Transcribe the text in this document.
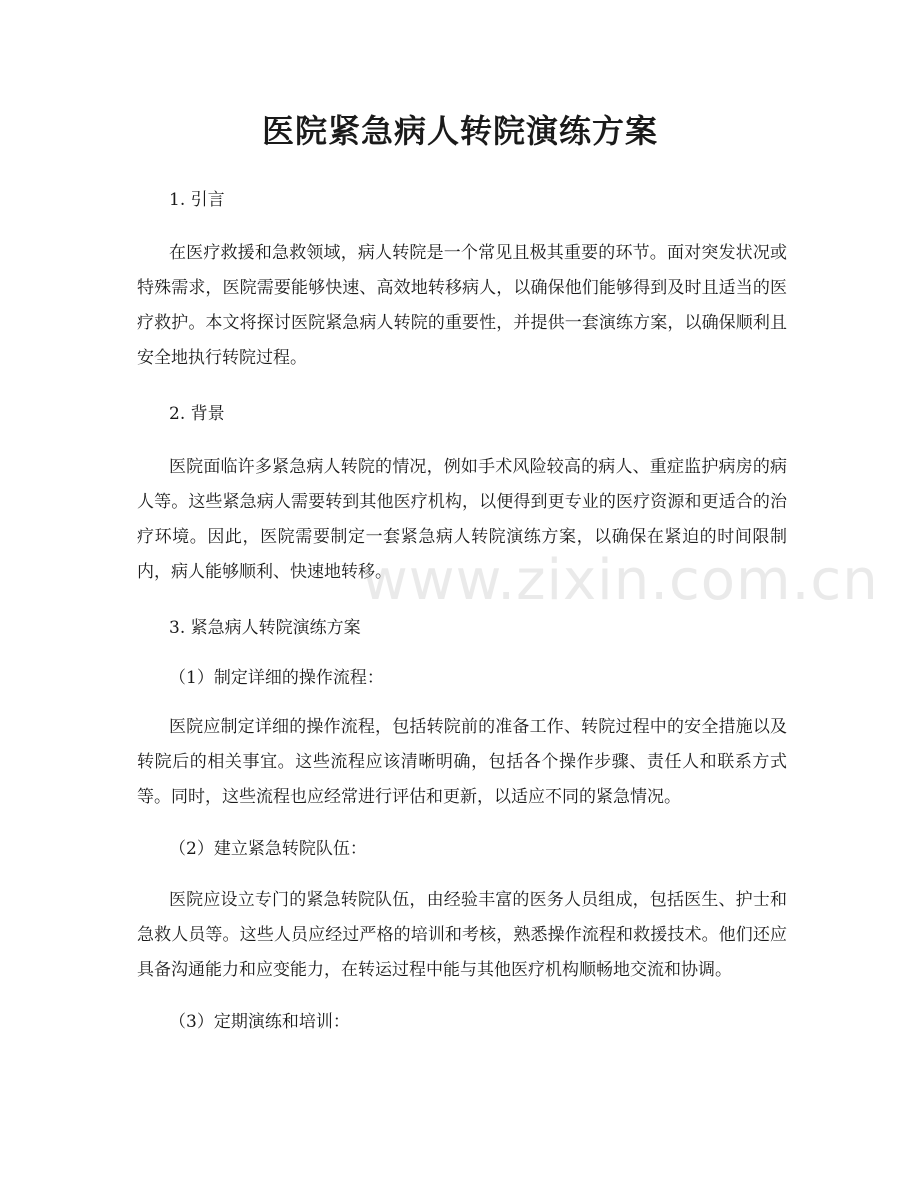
医院紧急病人转院演练方案

1. 引言

在医疗救援和急救领域，病人转院是一个常见且极其重要的环节。面对突发状况或特殊需求，医院需要能够快速、高效地转移病人，以确保他们能够得到及时且适当的医疗救护。本文将探讨医院紧急病人转院的重要性，并提供一套演练方案，以确保顺利且安全地执行转院过程。

2. 背景

医院面临许多紧急病人转院的情况，例如手术风险较高的病人、重症监护病房的病人等。这些紧急病人需要转到其他医疗机构，以便得到更专业的医疗资源和更适合的治疗环境。因此，医院需要制定一套紧急病人转院演练方案，以确保在紧迫的时间限制内，病人能够顺利、快速地转移。

3. 紧急病人转院演练方案

（1）制定详细的操作流程：

医院应制定详细的操作流程，包括转院前的准备工作、转院过程中的安全措施以及转院后的相关事宜。这些流程应该清晰明确，包括各个操作步骤、责任人和联系方式等。同时，这些流程也应经常进行评估和更新，以适应不同的紧急情况。

（2）建立紧急转院队伍：

医院应设立专门的紧急转院队伍，由经验丰富的医务人员组成，包括医生、护士和急救人员等。这些人员应经过严格的培训和考核，熟悉操作流程和救援技术。他们还应具备沟通能力和应变能力，在转运过程中能与其他医疗机构顺畅地交流和协调。

（3）定期演练和培训：

www.zixin.com.cn
